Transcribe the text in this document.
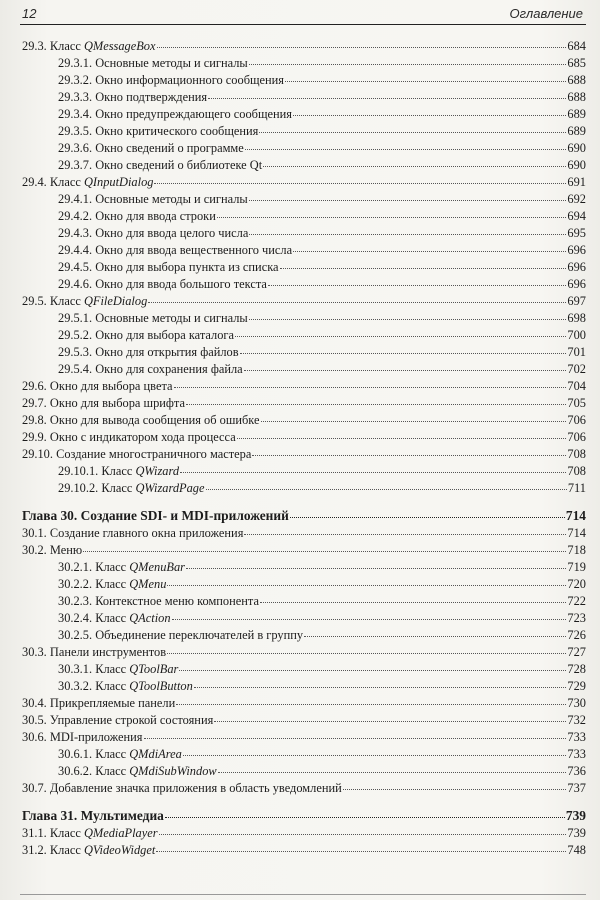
12	Оглавление
29.3. Класс QMessageBox	684
29.3.1. Основные методы и сигналы	685
29.3.2. Окно информационного сообщения	688
29.3.3. Окно подтверждения	688
29.3.4. Окно предупреждающего сообщения	689
29.3.5. Окно критического сообщения	689
29.3.6. Окно сведений о программе	690
29.3.7. Окно сведений о библиотеке Qt	690
29.4. Класс QInputDialog	691
29.4.1. Основные методы и сигналы	692
29.4.2. Окно для ввода строки	694
29.4.3. Окно для ввода целого числа	695
29.4.4. Окно для ввода вещественного числа	696
29.4.5. Окно для выбора пункта из списка	696
29.4.6. Окно для ввода большого текста	696
29.5. Класс QFileDialog	697
29.5.1. Основные методы и сигналы	698
29.5.2. Окно для выбора каталога	700
29.5.3. Окно для открытия файлов	701
29.5.4. Окно для сохранения файла	702
29.6. Окно для выбора цвета	704
29.7. Окно для выбора шрифта	705
29.8. Окно для вывода сообщения об ошибке	706
29.9. Окно с индикатором хода процесса	706
29.10. Создание многостраничного мастера	708
29.10.1. Класс QWizard	708
29.10.2. Класс QWizardPage	711
Глава 30. Создание SDI- и MDI-приложений	714
30.1. Создание главного окна приложения	714
30.2. Меню	718
30.2.1. Класс QMenuBar	719
30.2.2. Класс QMenu	720
30.2.3. Контекстное меню компонента	722
30.2.4. Класс QAction	723
30.2.5. Объединение переключателей в группу	726
30.3. Панели инструментов	727
30.3.1. Класс QToolBar	728
30.3.2. Класс QToolButton	729
30.4. Прикрепляемые панели	730
30.5. Управление строкой состояния	732
30.6. MDI-приложения	733
30.6.1. Класс QMdiArea	733
30.6.2. Класс QMdiSubWindow	736
30.7. Добавление значка приложения в область уведомлений	737
Глава 31. Мультимедиа	739
31.1. Класс QMediaPlayer	739
31.2. Класс QVideoWidget	748
